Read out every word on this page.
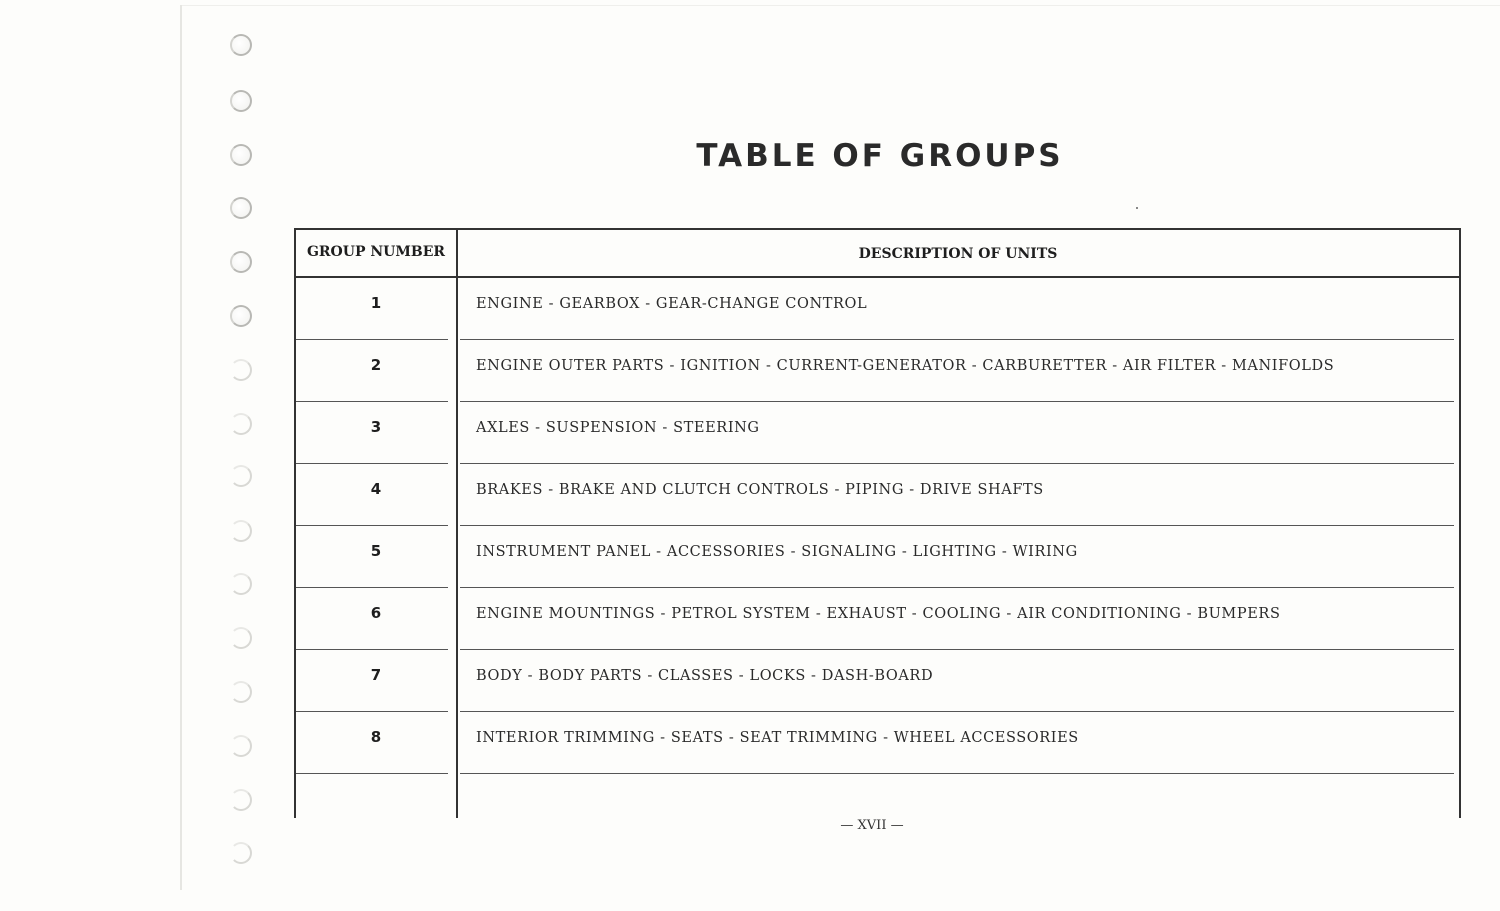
TABLE OF GROUPS
GROUP NUMBER	DESCRIPTION OF UNITS
1	ENGINE - GEARBOX - GEAR-CHANGE CONTROL
2	ENGINE OUTER PARTS - IGNITION - CURRENT-GENERATOR - CARBURETTER - AIR FILTER - MANIFOLDS
3	AXLES - SUSPENSION - STEERING
4	BRAKES - BRAKE AND CLUTCH CONTROLS - PIPING - DRIVE SHAFTS
5	INSTRUMENT PANEL - ACCESSORIES - SIGNALING - LIGHTING - WIRING
6	ENGINE MOUNTINGS - PETROL SYSTEM - EXHAUST - COOLING - AIR CONDITIONING - BUMPERS
7	BODY - BODY PARTS - CLASSES - LOCKS - DASH-BOARD
8	INTERIOR TRIMMING - SEATS - SEAT TRIMMING - WHEEL ACCESSORIES
— XVII —
